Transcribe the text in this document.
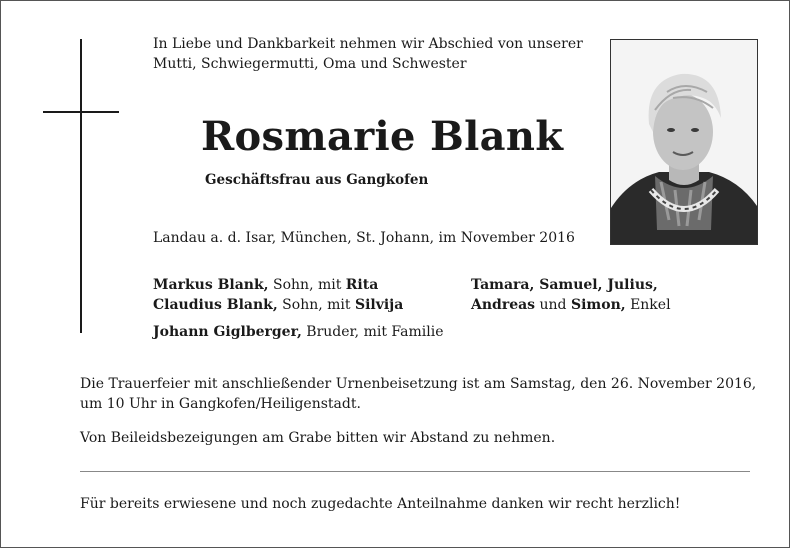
In Liebe und Dankbarkeit nehmen wir Abschied von unserer
Mutti, Schwiegermutti, Oma und Schwester
Rosmarie Blank
Geschäftsfrau aus Gangkofen
Landau a. d. Isar, München, St. Johann, im November 2016
Markus Blank, Sohn, mit Rita
Claudius Blank, Sohn, mit Silvija
Tamara, Samuel, Julius,
Andreas und Simon, Enkel
Johann Giglberger, Bruder, mit Familie
Die Trauerfeier mit anschließender Urnenbeisetzung ist am Samstag, den 26. November 2016,
um 10 Uhr in Gangkofen/Heiligenstadt.
Von Beileidsbezeigungen am Grabe bitten wir Abstand zu nehmen.
Für bereits erwiesene und noch zugedachte Anteilnahme danken wir recht herzlich!
